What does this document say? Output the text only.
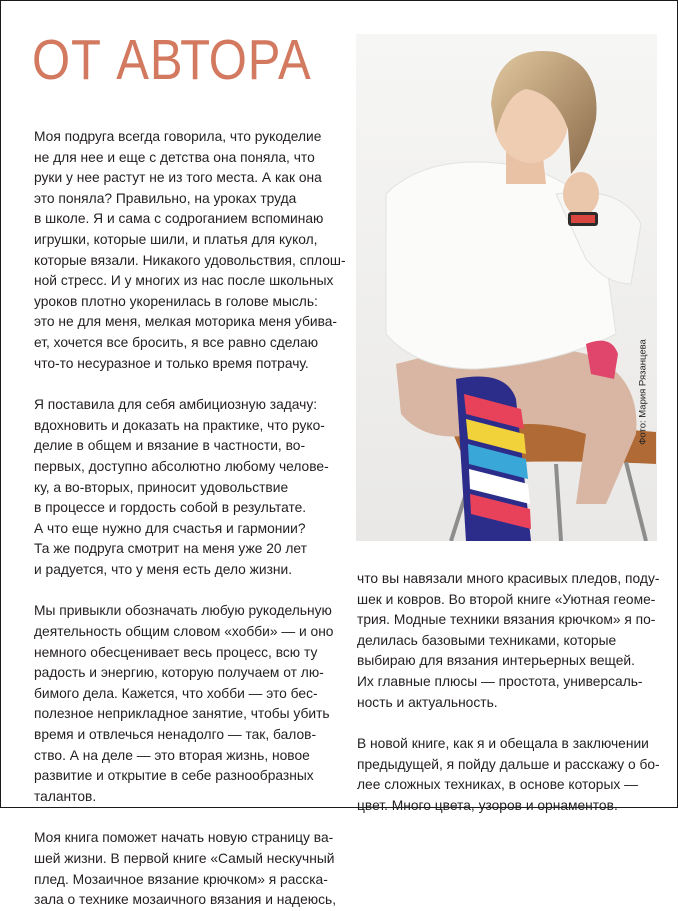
ОТ АВТОРА

Моя подруга всегда говорила, что рукоделие
не для нее и еще с детства она поняла, что
руки у нее растут не из того места. А как она
это поняла? Правильно, на уроках труда
в школе. Я и сама с содроганием вспоминаю
игрушки, которые шили, и платья для кукол,
которые вязали. Никакого удовольствия, сплош-
ной стресс. И у многих из нас после школьных
уроков плотно укоренилась в голове мысль:
это не для меня, мелкая моторика меня убива-
ет, хочется все бросить, я все равно сделаю
что-то несуразное и только время потрачу.

Я поставила для себя амбициозную задачу:
вдохновить и доказать на практике, что руко-
делие в общем и вязание в частности, во-
первых, доступно абсолютно любому челове-
ку, а во-вторых, приносит удовольствие
в процессе и гордость собой в результате.
А что еще нужно для счастья и гармонии?
Та же подруга смотрит на меня уже 20 лет
и радуется, что у меня есть дело жизни.

Мы привыкли обозначать любую рукодельную
деятельность общим словом «хобби» — и оно
немного обесценивает весь процесс, всю ту
радость и энергию, которую получаем от лю-
бимого дела. Кажется, что хобби — это бес-
полезное неприкладное занятие, чтобы убить
время и отвлечься ненадолго — так, балов-
ство. А на деле — это вторая жизнь, новое
развитие и открытие в себе разнообразных
талантов.

Моя книга поможет начать новую страницу ва-
шей жизни. В первой книге «Самый нескучный
плед. Мозаичное вязание крючком» я расска-
зала о технике мозаичного вязания и надеюсь,

Фото: Мария Рязанцева

что вы навязали много красивых пледов, поду-
шек и ковров. Во второй книге «Уютная геоме-
трия. Модные техники вязания крючком» я по-
делилась базовыми техниками, которые
выбираю для вязания интерьерных вещей.
Их главные плюсы — простота, универсаль-
ность и актуальность.

В новой книге, как я и обещала в заключении
предыдущей, я пойду дальше и расскажу о бо-
лее сложных техниках, в основе которых —
цвет. Много цвета, узоров и орнаментов.
